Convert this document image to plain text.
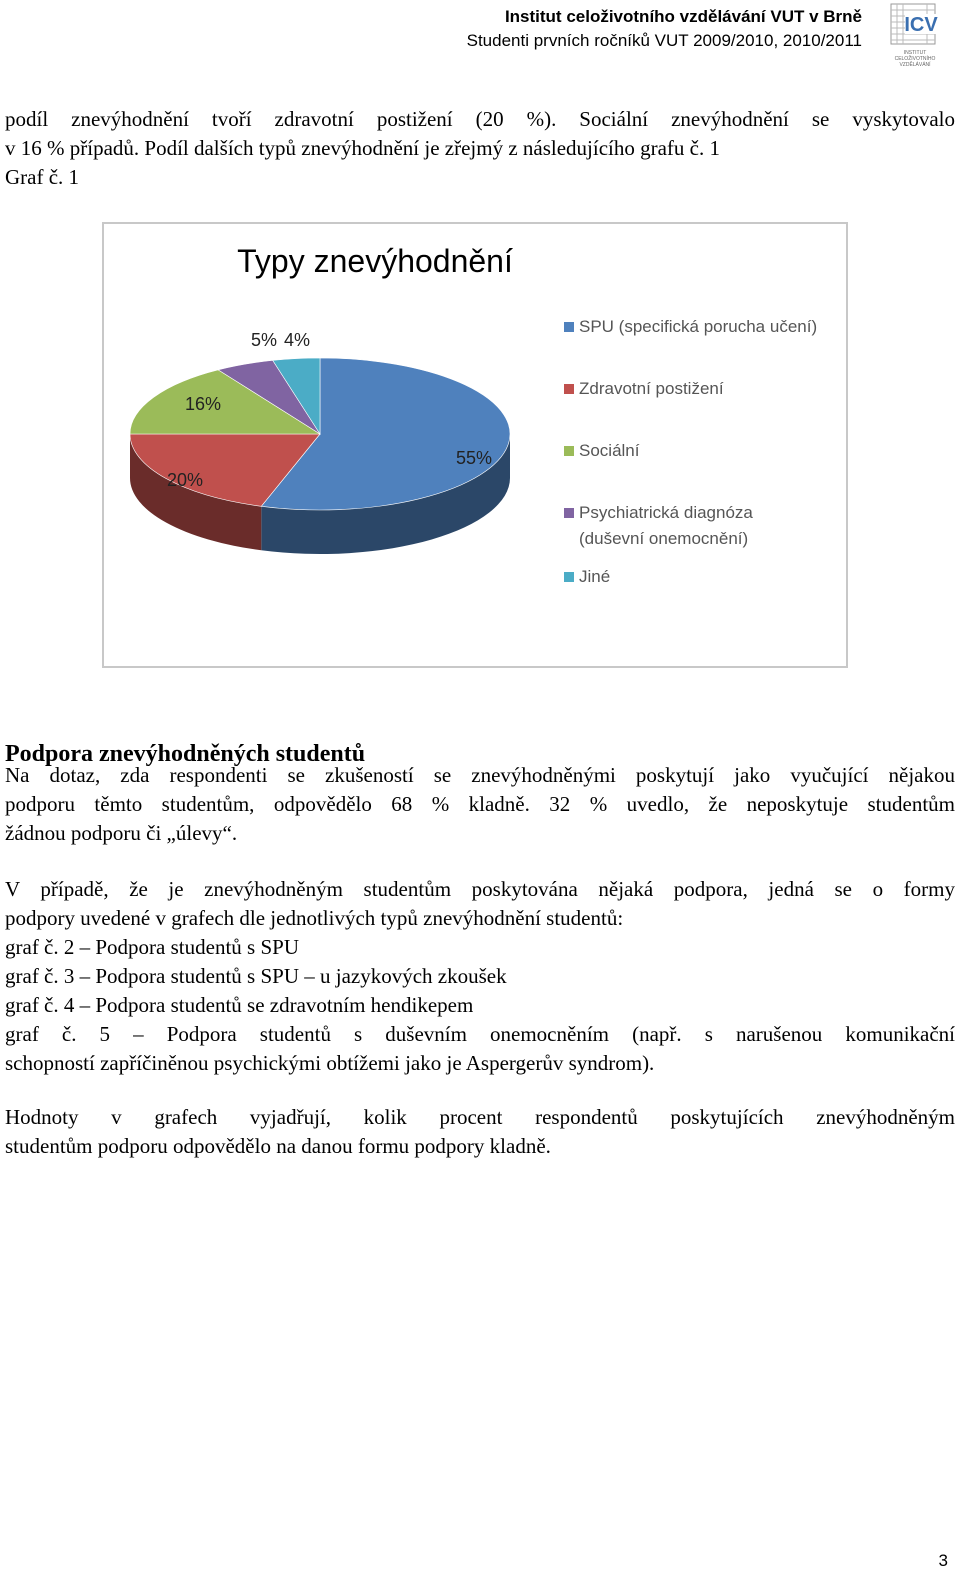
Institut celoživotního vzdělávání VUT v Brně
Studenti prvních ročníků VUT 2009/2010, 2010/2011
ICV
INSTITUT
CELOŽIVOTNÍHO
VZDĚLÁVÁNÍ
podíl znevýhodnění tvoří zdravotní postižení (20 %). Sociální znevýhodnění se vyskytovalo
v 16 % případů. Podíl dalších typů znevýhodnění je zřejmý z následujícího grafu č. 1
Graf č. 1
Typy znevýhodnění
55%
20%
16%
5% 4%
SPU (specifická porucha učení)
Zdravotní postižení
Sociální
Psychiatrická diagnóza
(duševní onemocnění)
Jiné
Podpora znevýhodněných studentů
Na dotaz, zda respondenti se zkušeností se znevýhodněnými poskytují jako vyučující nějakou
podporu těmto studentům, odpovědělo 68 % kladně. 32 % uvedlo, že neposkytuje studentům
žádnou podporu či „úlevy“.
V případě, že je znevýhodněným studentům poskytována nějaká podpora, jedná se o formy
podpory uvedené v grafech dle jednotlivých typů znevýhodnění studentů:
graf č. 2 – Podpora studentů s SPU
graf č. 3 – Podpora studentů s SPU – u jazykových zkoušek
graf č. 4 – Podpora studentů se zdravotním hendikepem
graf č. 5 – Podpora studentů s duševním onemocněním (např. s narušenou komunikační
schopností zapříčiněnou psychickými obtížemi jako je Aspergerův syndrom).
Hodnoty v grafech vyjadřují, kolik procent respondentů poskytujících znevýhodněným
studentům podporu odpovědělo na danou formu podpory kladně.
3
